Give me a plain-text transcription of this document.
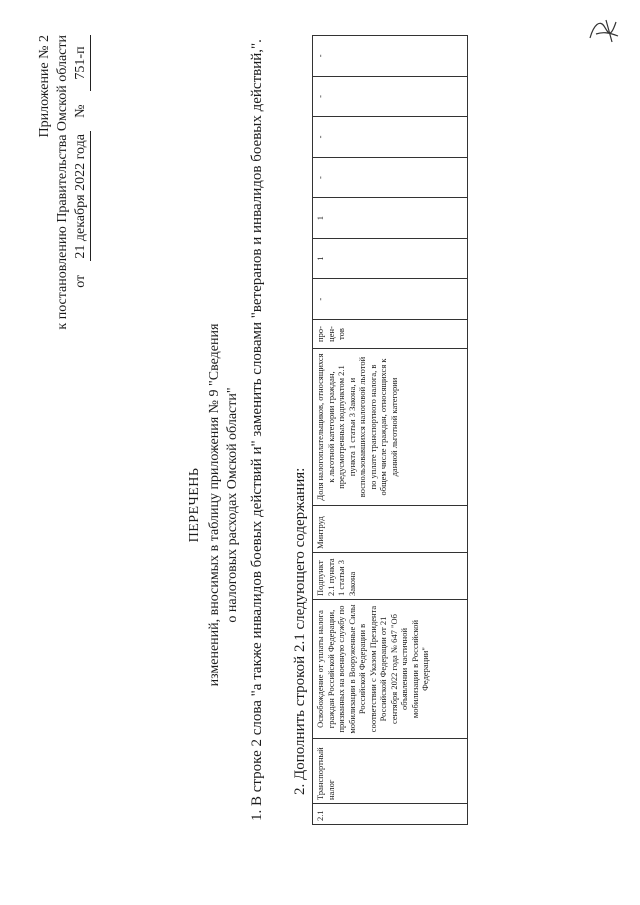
Приложение № 2 к постановлению Правительства Омской области от 21 декабря 2022 года № 751-п
ПЕРЕЧЕНЬ изменений, вносимых в таблицу приложения № 9 "Сведения о налоговых расходах Омской области" 1. В строке 2 слова "а также инвалидов боевых действий и" заменить словами "ветеранов и инвалидов боевых действий,". 2. Дополнить строкой 2.1 следующего содержания:
2.1	Транспортный налог	Освобождение от уплаты налога граждан Российской Федерации, призванных на военную службу по мобилизации в Вооруженные Силы Российской Федерации в соответствии с Указом Президента Российской Федерации от 21 сентября 2022 года № 647 "Об объявлении частичной мобилизации в Российской Федерации"	Подпункт 2.1 пункта 1 статьи 3 Закона	Минтруд	Доля налогоплательщиков, относящихся к льготной категории граждан, предусмотренных подпунктом 2.1 пункта 1 статьи 3 Закона, и воспользовавшихся налоговой льготой по уплате транспортного налога, в общем числе граждан, относящихся к данной льготной категории	про-цен-тов	-	1	1	-	-	-	-
